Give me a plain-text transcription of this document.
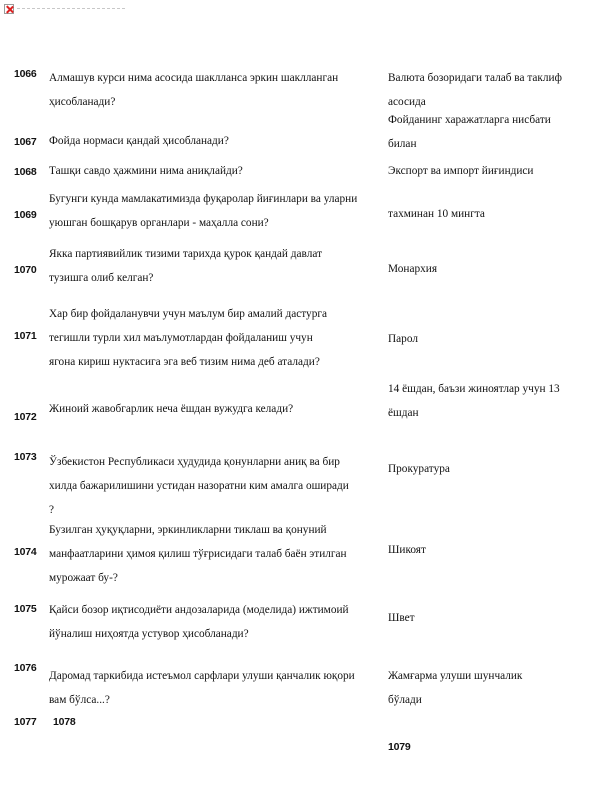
1066 Алмашув курси нима асосида шаклланса эркин шаклланган
ҳисобланади?
Валюта бозоридаги талаб ва таклиф
асосида
1067 Фойда нормаси қандай ҳисобланади?
Фойданинг харажатларга нисбати
билан
1068 Ташқи савдо ҳажмини нима аниқлайди?	Экспорт ва импорт йиғиндиси
1069
Бугунги кунда мамлакатимизда фуқаролар йиғинлари ва уларни
уюшган бошқарув органлари - маҳалла сони?
тахминан 10 мингта
1070
Якка партиявийлик тизими тарихда қурок қандай давлат
тузишга олиб келган?
Монархия
1071
Хар бир фойдаланувчи учун маълум бир амалий дастурга
тегишли турли хил маълумотлардан фойдаланиш учун
ягона кириш нуктасига эга веб тизим нима деб аталади?
Парол
1072
Жиноий жавобгарлик неча ёшдан вужудга келади?
14 ёшдан, баъзи жиноятлар учун 13
ёшдан
1073 Ўзбекистон Республикаси ҳудудида қонунларни аниқ ва бир
хилда бажарилишини устидан назоратни ким амалга оширади
?
Прокуратура
1074
Бузилган ҳуқуқларни, эркинликларни тиклаш ва қонуний
манфаатларини ҳимоя қилиш тўғрисидаги талаб баён этилган
мурожаат бу-?
Шикоят
1075 Қайси бозор иқтисодиёти андозаларида (моделида) ижтимоий
йўналиш ниҳоятда устувор ҳисобланади?
Швет
1076
Даромад таркибида истеъмол сарфлари улуши қанчалик юқори
вам бўлса...?
Жамғарма улуши шунчалик
бўлади
1077 1078
1079
